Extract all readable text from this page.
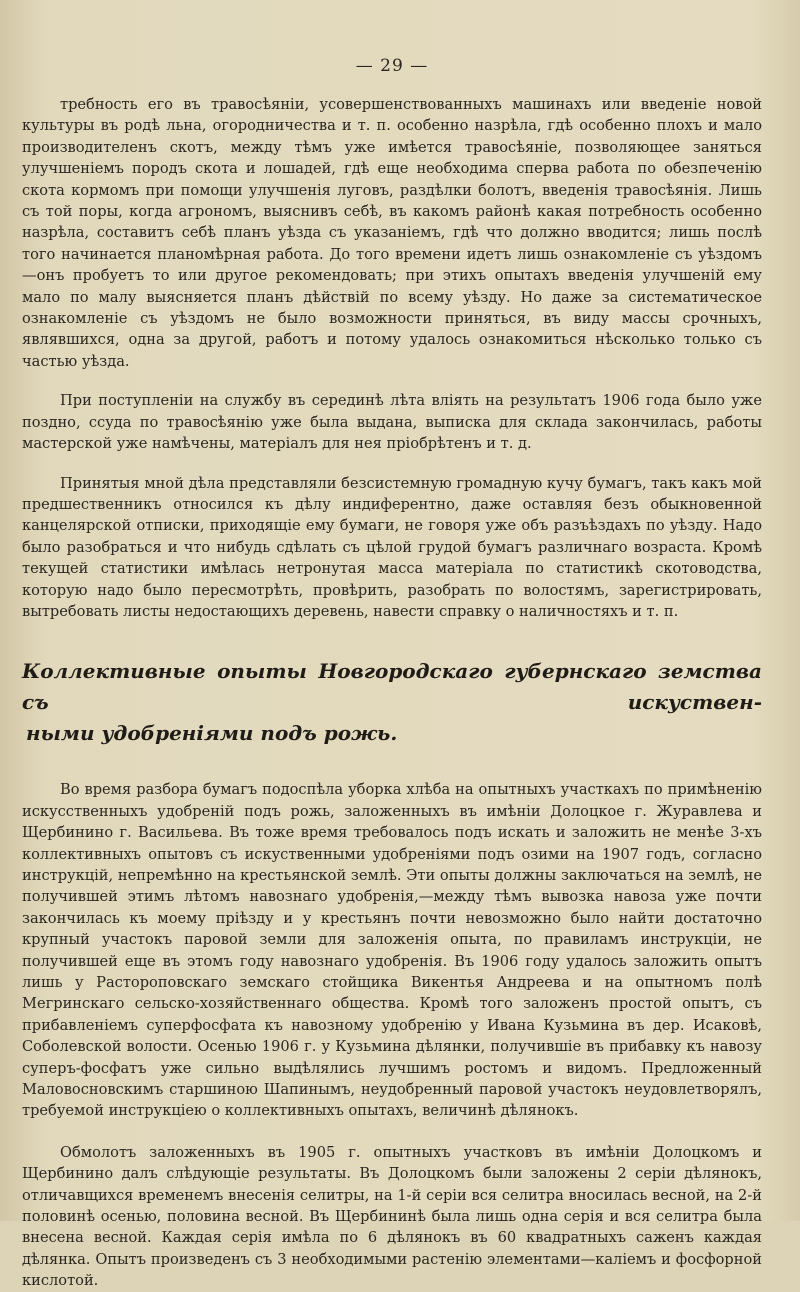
— 29 —

требность его въ травосѣяніи, усовершенствованныхъ машинахъ или введеніе новой культуры въ родѣ льна, огородничества и т. п. особенно назрѣла, гдѣ особенно плохъ и мало производителенъ скотъ, между тѣмъ уже имѣется травосѣяніе, позволяющее заняться улучшеніемъ породъ скота и лошадей, гдѣ еще необходима сперва работа по обезпеченію скота кормомъ при помощи улучшенія луговъ, раздѣлки болотъ, введенія травосѣянія. Лишь съ той поры, когда агрономъ, выяснивъ себѣ, въ какомъ районѣ какая потребность особенно назрѣла, составитъ себѣ планъ уѣзда съ указаніемъ, гдѣ что должно вводится; лишь послѣ того начинается планомѣрная работа. До того времени идетъ лишь ознакомленіе съ уѣздомъ—онъ пробуетъ то или другое рекомендовать; при этихъ опытахъ введенія улучшеній ему мало по малу выясняется планъ дѣйствій по всему уѣзду. Но даже за систематическое ознакомленіе съ уѣздомъ не было возможности приняться, въ виду массы срочныхъ, являвшихся, одна за другой, работъ и потому удалось ознакомиться нѣсколько только съ частью уѣзда.

При поступленіи на службу въ серединѣ лѣта вліять на результатъ 1906 года было уже поздно, ссуда по травосѣянію уже была выдана, выписка для склада закончилась, работы мастерской уже намѣчены, матеріалъ для нея пріобрѣтенъ и т. д.

Принятыя мной дѣла представляли безсистемную громадную кучу бумагъ, такъ какъ мой предшественникъ относился къ дѣлу индиферентно, даже оставляя безъ обыкновенной канцелярской отписки, приходящіе ему бумаги, не говоря уже объ разъѣздахъ по уѣзду. Надо было разобраться и что нибудь сдѣлать съ цѣлой грудой бумагъ различнаго возраста. Кромѣ текущей статистики имѣлась нетронутая масса матеріала по статистикѣ скотоводства, которую надо было пересмотрѣть, провѣрить, разобрать по волостямъ, зарегистрировать, вытребовать листы недостающихъ деревень, навести справку о наличностяхъ и т. п.

Коллективные опыты Новгородскаго губернскаго земства съ искуствен-
ными удобреніями подъ рожь.

Во время разбора бумагъ подоспѣла уборка хлѣба на опытныхъ участкахъ по примѣненію искусственныхъ удобреній подъ рожь, заложенныхъ въ имѣніи Долоцкое г. Журавлева и Щербинино г. Васильева. Въ тоже время требовалось подъ искать и заложить не менѣе 3-хъ коллективныхъ опытовъ съ искуственными удобреніями подъ озими на 1907 годъ, согласно инструкцій, непремѣнно на крестьянской землѣ. Эти опыты должны заключаться на землѣ, не получившей этимъ лѣтомъ навознаго удобренія,—между тѣмъ вывозка навоза уже почти закончилась къ моему пріѣзду и у крестьянъ почти невозможно было найти достаточно крупный участокъ паровой земли для заложенія опыта, по правиламъ инструкціи, не получившей еще въ этомъ году навознаго удобренія. Въ 1906 году удалось заложить опытъ лишь у Растороповскаго земскаго стойщика Викентья Андреева и на опытномъ полѣ Мегринскаго сельско-хозяйственнаго общества. Кромѣ того заложенъ простой опытъ, съ прибавленіемъ суперфосфата къ навозному удобренію у Ивана Кузьмина въ дер. Исаковѣ, Соболевской волости. Осенью 1906 г. у Кузьмина дѣлянки, получившіе въ прибавку къ навозу суперъ-фосфатъ уже сильно выдѣлялись лучшимъ ростомъ и видомъ. Предложенный Маловосновскимъ старшиною Шапинымъ, неудобренный паровой участокъ неудовлетворялъ, требуемой инструкціею о коллективныхъ опытахъ, величинѣ дѣлянокъ.

Обмолотъ заложенныхъ въ 1905 г. опытныхъ участковъ въ имѣніи Долоцкомъ и Щербинино далъ слѣдующіе результаты. Въ Долоцкомъ были заложены 2 серіи дѣлянокъ, отличавщихся временемъ внесенія селитры, на 1-й серіи вся селитра вносилась весной, на 2-й половинѣ осенью, половина весной. Въ Щербининѣ была лишь одна серія и вся селитра была внесена весной. Каждая серія имѣла по 6 дѣлянокъ въ 60 квадратныхъ саженъ каждая дѣлянка. Опытъ произведенъ съ 3 необходимыми растенію элементами—каліемъ и фосфорной кислотой.
